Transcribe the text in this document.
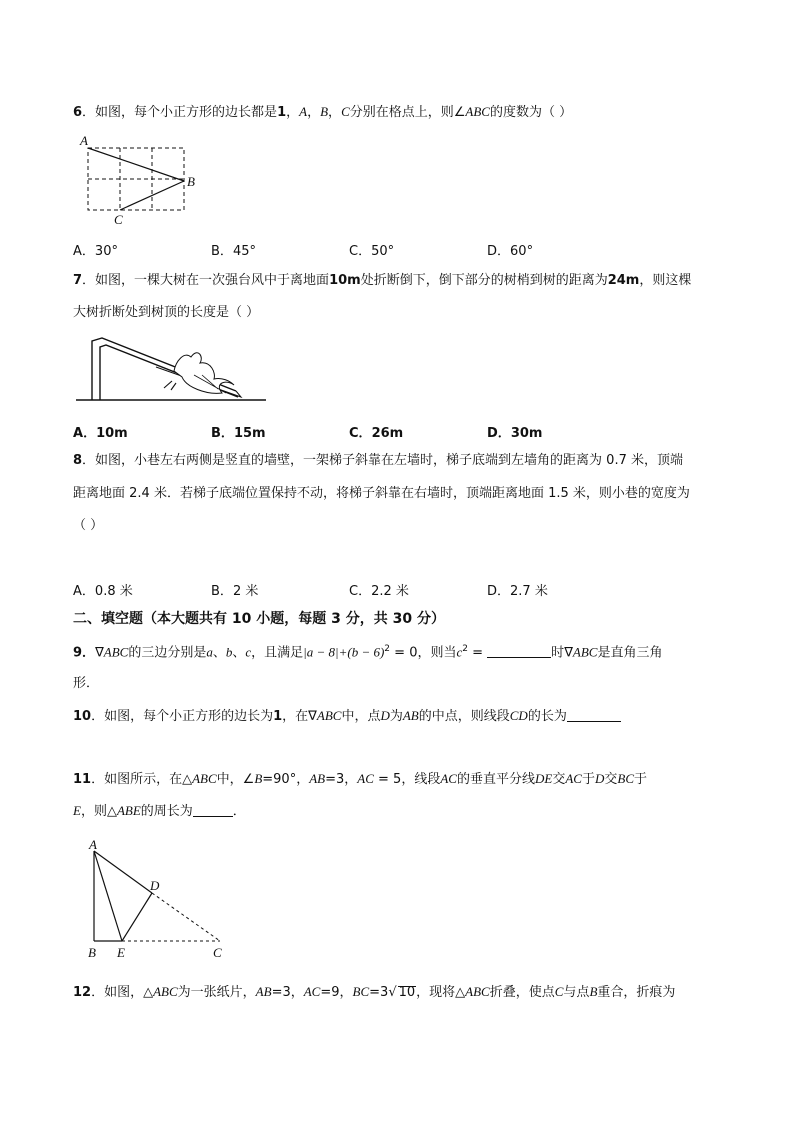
6．如图，每个小正方形的边长都是1，A，B，C分别在格点上，则∠ABC的度数为（ ）
A
B
C
A．30°	B．45°	C．50°	D．60°
7．如图，一棵大树在一次强台风中于离地面10m处折断倒下，倒下部分的树梢到树的距离为24m，则这棵
大树折断处到树顶的长度是（ ）
A．10m	B．15m	C．26m	D．30m
8．如图，小巷左右两侧是竖直的墙壁，一架梯子斜靠在左墙时，梯子底端到左墙角的距离为 0.7 米，顶端
距离地面 2.4 米．若梯子底端位置保持不动，将梯子斜靠在右墙时，顶端距离地面 1.5 米，则小巷的宽度为
（ ）
A．0.8 米	B．2 米	C．2.2 米	D．2.7 米
二、填空题（本大题共有 10 小题，每题 3 分，共 30 分）
9．∇ABC的三边分别是a、b、c，且满足$|a - 8|+(b - 6)^2 = 0$，则当$c^2$ =	时∇ABC是直角三角
形．
10．如图，每个小正方形的边长为1，在∇ABC中，点D为AB的中点，则线段CD的长为
11．如图所示，在△ABC中，∠B=90°，AB=3，AC = 5，线段AC的垂直平分线DE交AC于D交BC于
E，则△ABE的周长为	．
A
B E
D
C
12．如图，△ABC为一张纸片，AB=3，AC=9，BC=3√ 10，现将△ABC折叠，使点C与点B重合，折痕为
